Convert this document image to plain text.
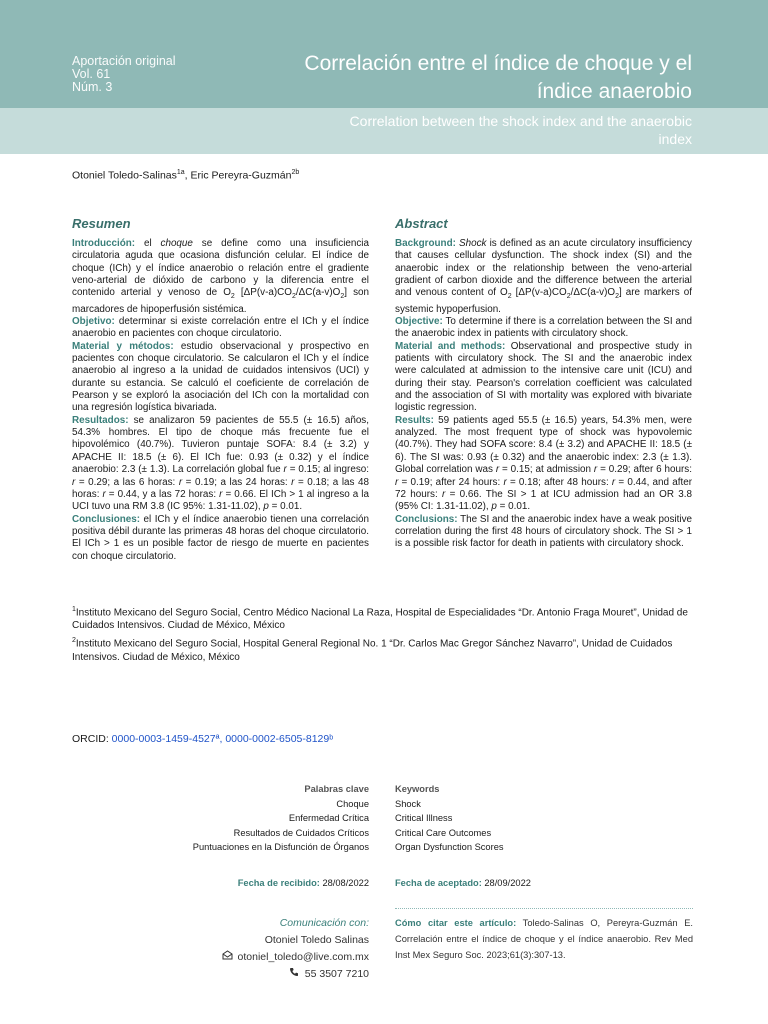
Aportación original
Vol. 61
Núm. 3
Correlación entre el índice de choque y el índice anaerobio
Correlation between the shock index and the anaerobic index
Otoniel Toledo-Salinas$^{1a}$, Eric Pereyra-Guzmán$^{2b}$
Resumen

Introducción: el choque se define como una insuficiencia circulatoria aguda que ocasiona disfunción celular. El índice de choque (ICh) y el índice anaerobio o relación entre el gradiente veno-arterial de dióxido de carbono y la diferencia entre el contenido arterial y venoso de $O_2$ $[\Delta P(v-a)CO_2/\Delta C(a-v)O_2]$ son marcadores de hipoperfusión sistémica.

Objetivo: determinar si existe correlación entre el ICh y el índice anaerobio en pacientes con choque circulatorio.

Material y métodos: estudio observacional y prospectivo en pacientes con choque circulatorio. Se calcularon el ICh y el índice anaerobio al ingreso a la unidad de cuidados intensivos (UCI) y durante su estancia. Se calculó el coeficiente de correlación de Pearson y se exploró la asociación del ICh con la mortalidad con una regresión logística bivariada.

Resultados: se analizaron 59 pacientes de 55.5 (± 16.5) años, 54.3% hombres. El tipo de choque más frecuente fue el hipovolémico (40.7%). Tuvieron puntaje SOFA: 8.4 (± 3.2) y APACHE II: 18.5 (± 6). El ICh fue: 0.93 (± 0.32) y el índice anaerobio: 2.3 (± 1.3). La correlación global fue r = 0.15; al ingreso: r = 0.29; a las 6 horas: r = 0.19; a las 24 horas: r = 0.18; a las 48 horas: r = 0.44, y a las 72 horas: r = 0.66. El ICh > 1 al ingreso a la UCI tuvo una RM 3.8 (IC 95%: 1.31-11.02), p = 0.01.

Conclusiones: el ICh y el índice anaerobio tienen una correlación positiva débil durante las primeras 48 horas del choque circulatorio. El ICh > 1 es un posible factor de riesgo de muerte en pacientes con choque circulatorio.

Abstract

Background: Shock is defined as an acute circulatory insufficiency that causes cellular dysfunction. The shock index (SI) and the anaerobic index or the relationship between the veno-arterial gradient of carbon dioxide and the difference between the arterial and venous content of $O_2$ $[\Delta P(v-a)CO_2/\Delta C(a-v)O_2]$ are markers of systemic hypoperfusion.

Objective: To determine if there is a correlation between the SI and the anaerobic index in patients with circulatory shock.

Material and methods: Observational and prospective study in patients with circulatory shock. The SI and the anaerobic index were calculated at admission to the intensive care unit (ICU) and during their stay. Pearson's correlation coefficient was calculated and the association of SI with mortality was explored with bivariate logistic regression.

Results: 59 patients aged 55.5 (± 16.5) years, 54.3% men, were analyzed. The most frequent type of shock was hypovolemic (40.7%). They had SOFA score: 8.4 (± 3.2) and APACHE II: 18.5 (± 6). The SI was: 0.93 (± 0.32) and the anaerobic index: 2.3 (± 1.3). Global correlation was r = 0.15; at admission r = 0.29; after 6 hours: r = 0.19; after 24 hours: r = 0.18; after 48 hours: r = 0.44, and after 72 hours: r = 0.66. The SI > 1 at ICU admission had an OR 3.8 (95% CI: 1.31-11.02), p = 0.01.

Conclusions: The SI and the anaerobic index have a weak positive correlation during the first 48 hours of circulatory shock. The SI > 1 is a possible risk factor for death in patients with circulatory shock.

$^1$Instituto Mexicano del Seguro Social, Centro Médico Nacional La Raza, Hospital de Especialidades “Dr. Antonio Fraga Mouret”, Unidad de Cuidados Intensivos. Ciudad de México, México

$^2$Instituto Mexicano del Seguro Social, Hospital General Regional No. 1 “Dr. Carlos Mac Gregor Sánchez Navarro”, Unidad de Cuidados Intensivos. Ciudad de México, México

ORCID: 0000-0003-1459-4527ª, 0000-0002-6505-8129ᵇ
Palabras clave
Choque
Enfermedad Crítica
Resultados de Cuidados Críticos
Puntuaciones en la Disfunción de Órganos
Keywords
Shock
Critical Illness
Critical Care Outcomes
Organ Dysfunction Scores
Fecha de recibido: 28/08/2022	Fecha de aceptado: 28/09/2022
Comunicación con:
Otoniel Toledo Salinas
otoniel_toledo@live.com.mx
55 3507 7210
Cómo citar este artículo: Toledo-Salinas O, Pereyra-Guzmán E. Correlación entre el índice de choque y el índice anaerobio. Rev Med Inst Mex Seguro Soc. 2023;61(3):307-13.
